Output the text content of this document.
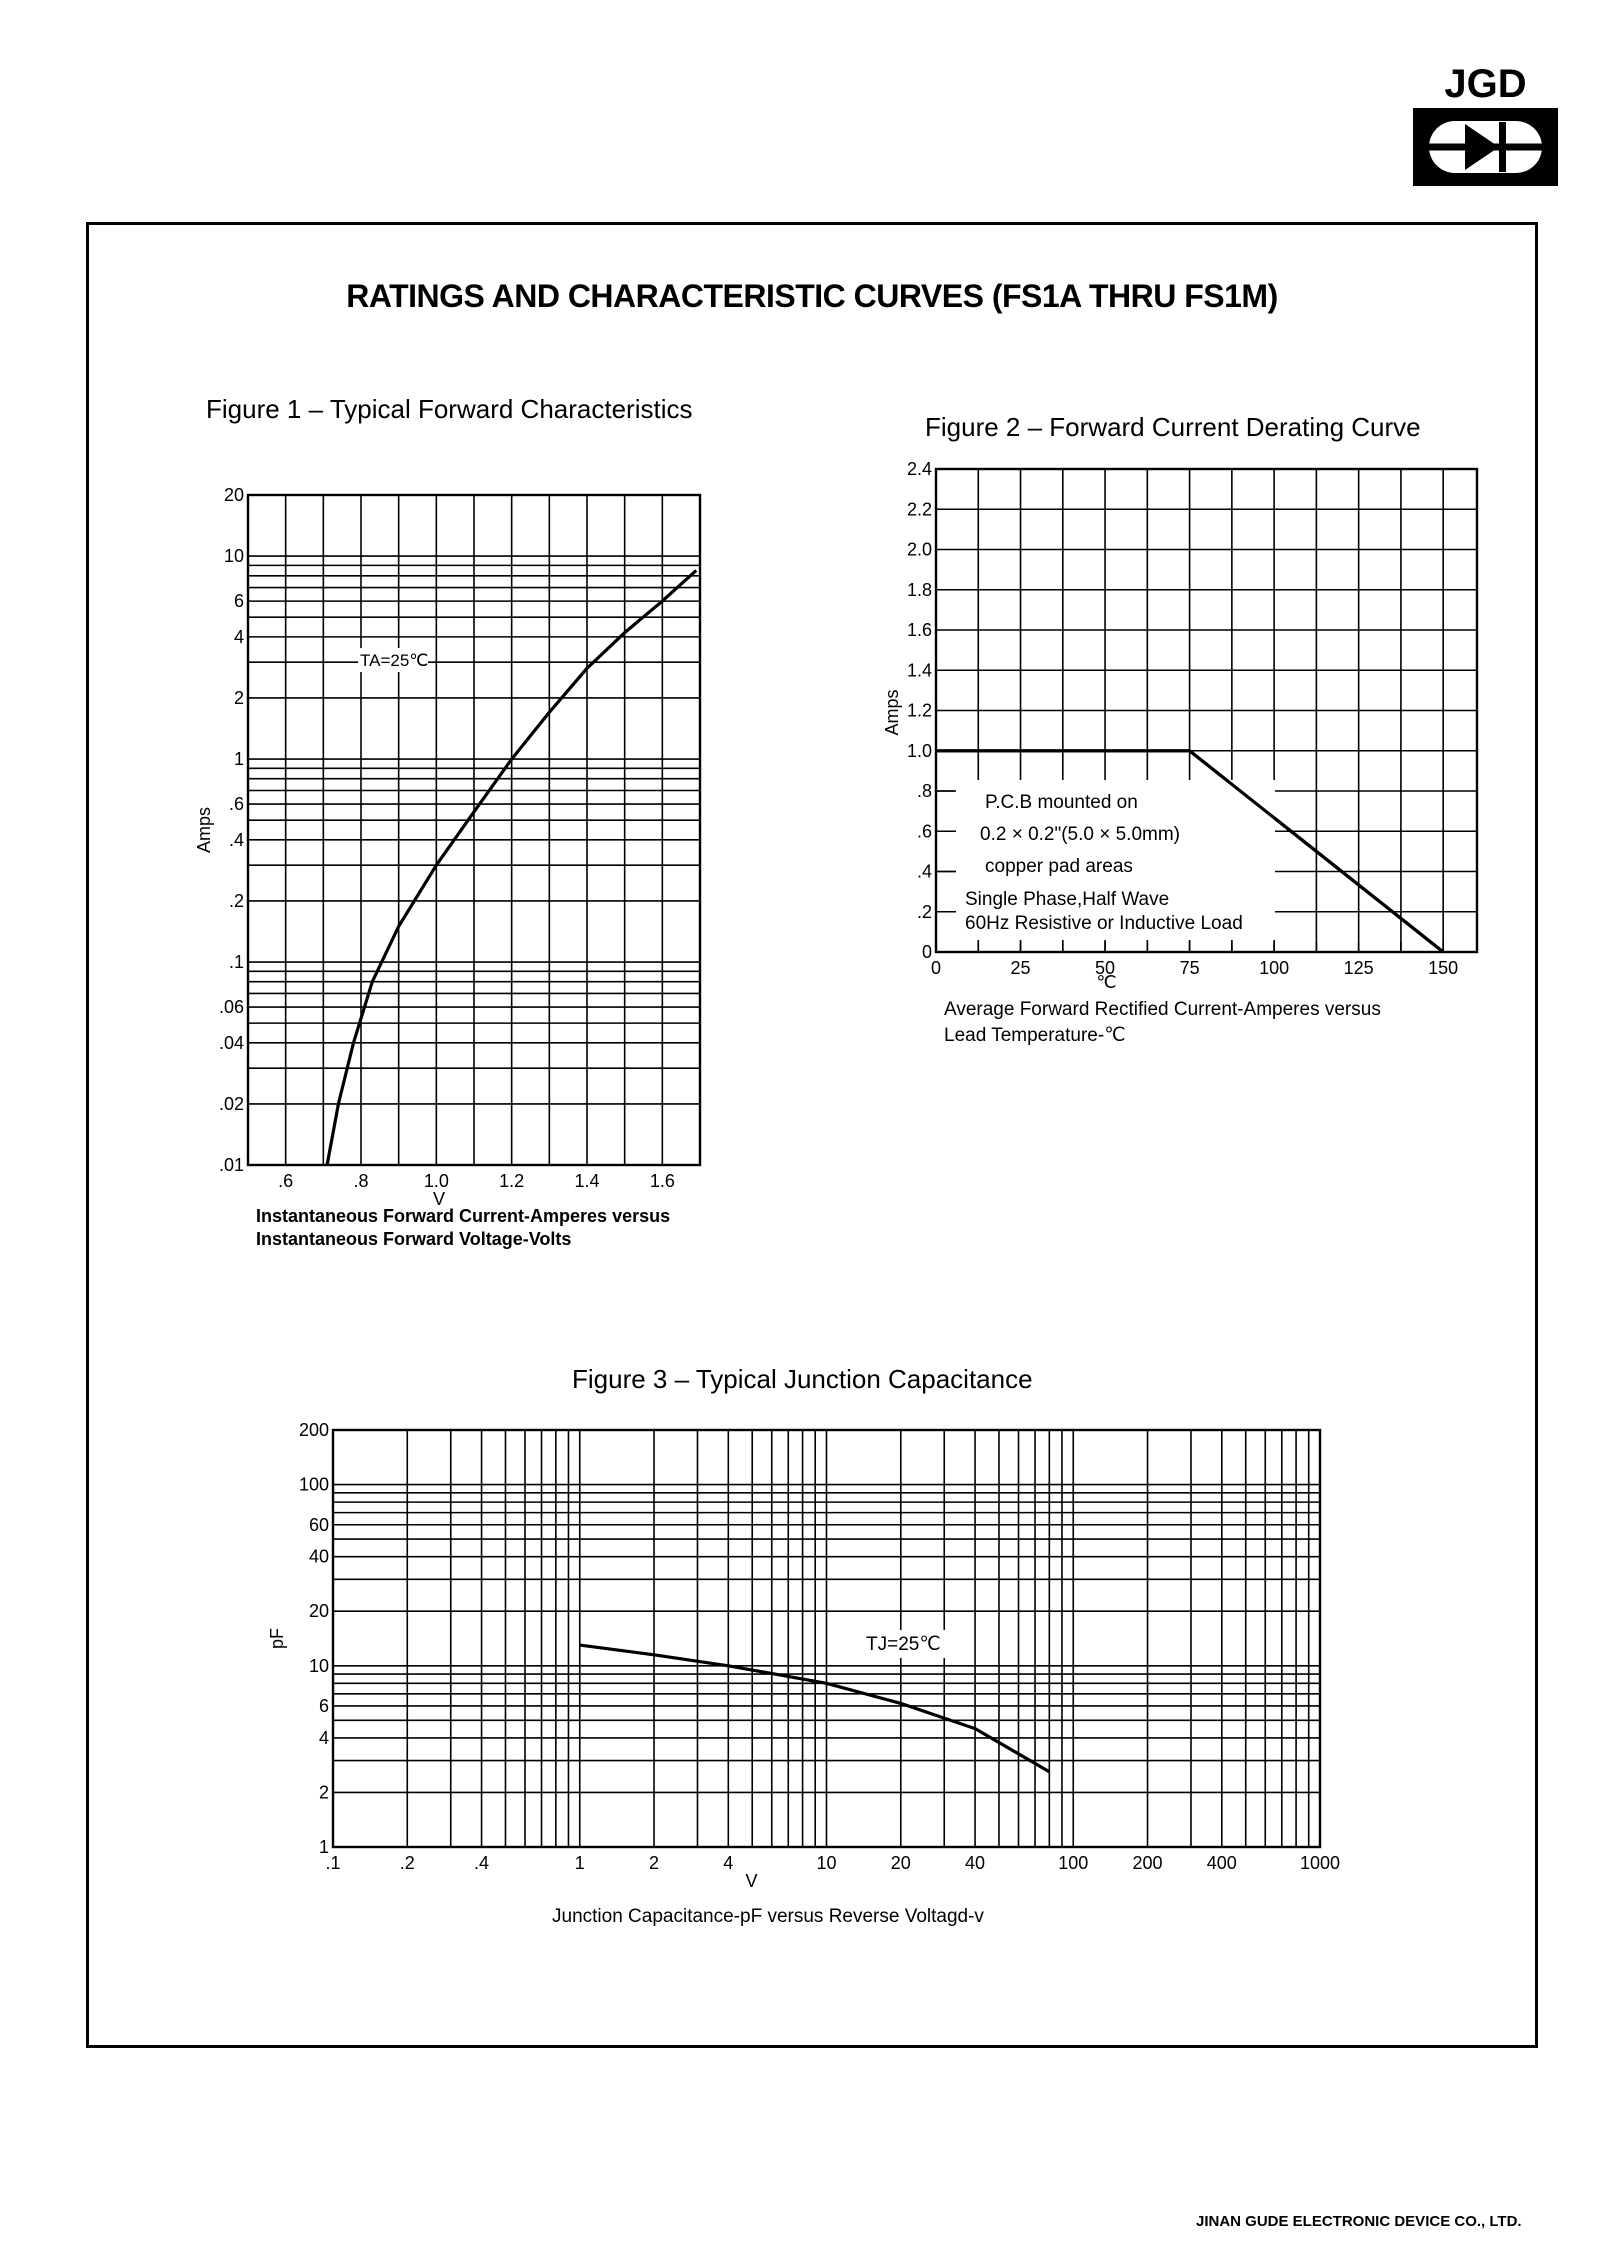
JGD
RATINGS AND CHARACTERISTIC CURVES (FS1A THRU FS1M)
Figure 1 – Typical Forward Characteristics
Figure 2 – Forward Current Derating Curve
Figure 3 – Typical Junction Capacitance
.01
.02
.04
.06
.1
.2
.4
.6
1
2
4
6
10
20
.6	.8	1.0	1.2	1.4	1.6
V
Amps
0
.2
.4
.6
.8
1.0
1.2
1.4
1.6
1.8
2.0
2.2
2.4
0	25	50	75	100	125	150
℃
Amps
1
2
4
6
10
20
40
60
100
200
.1	.2	.4	1	2	4	10	20	40	100 200 400	1000
V
pF
TA=25℃
TJ=25℃
P.C.B mounted on
0.2 × 0.2"(5.0 × 5.0mm)
copper pad areas
Single Phase,Half Wave
60Hz Resistive or Inductive Load
Instantaneous Forward Current-Amperes versus
Instantaneous Forward Voltage-Volts
Average Forward Rectified Current-Amperes versus
Lead Temperature-℃
Junction Capacitance-pF versus Reverse Voltagd-v
JINAN GUDE ELECTRONIC DEVICE CO., LTD.
